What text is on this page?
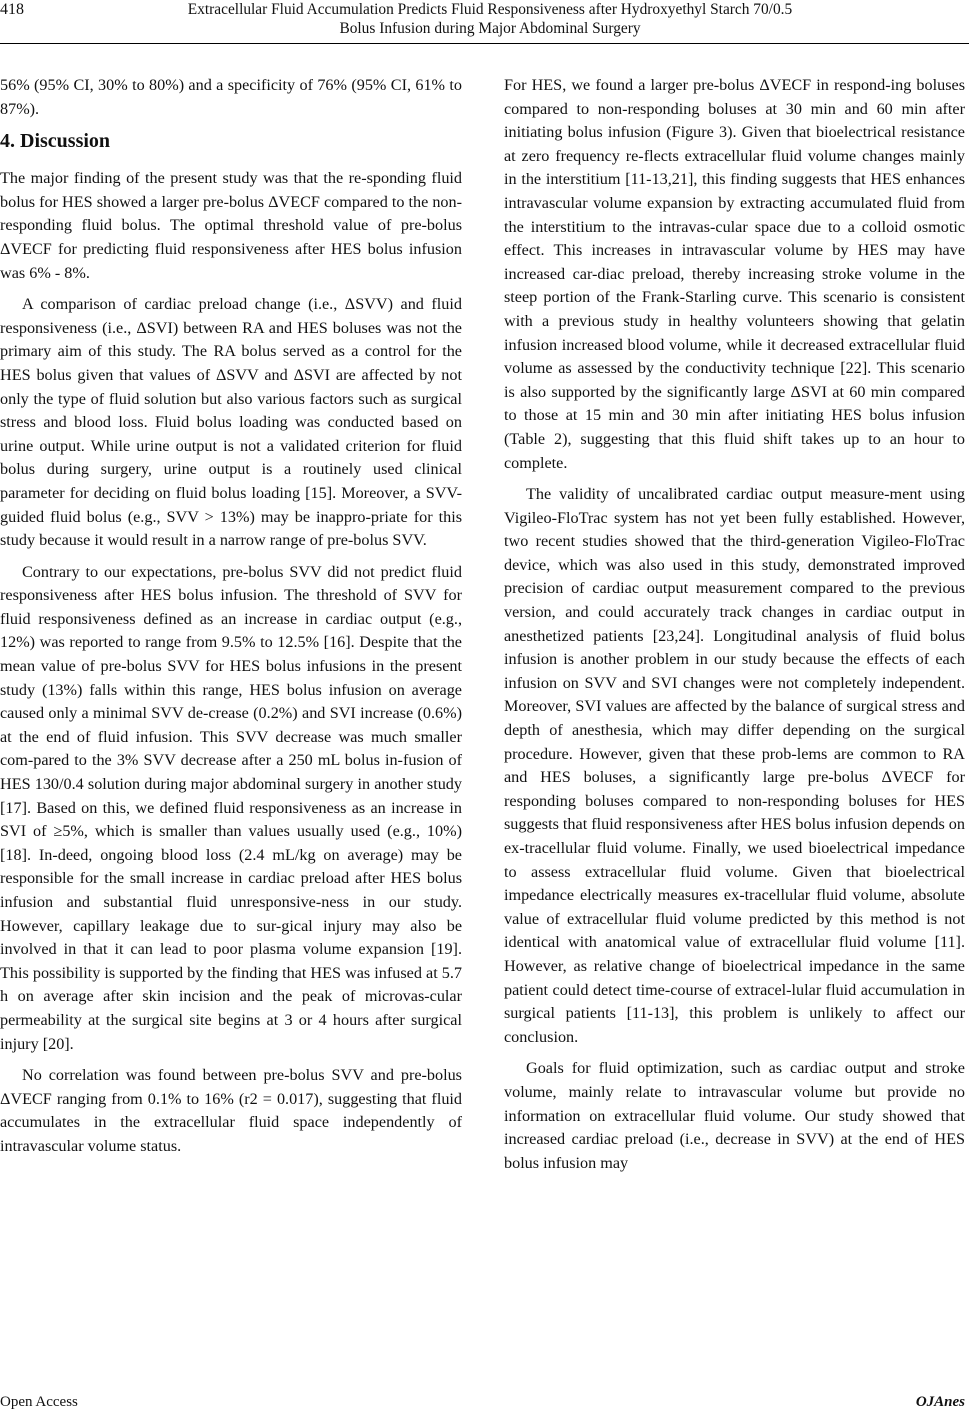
418	Extracellular Fluid Accumulation Predicts Fluid Responsiveness after Hydroxyethyl Starch 70/0.5
Bolus Infusion during Major Abdominal Surgery

56% (95% CI, 30% to 80%) and a specificity of 76% (95% CI, 61% to 87%).

4. Discussion

The major finding of the present study was that the re-sponding fluid bolus for HES showed a larger pre-bolus ΔVECF compared to the non-responding fluid bolus. The optimal threshold value of pre-bolus ΔVECF for predicting fluid responsiveness after HES bolus infusion was 6% - 8%.

A comparison of cardiac preload change (i.e., ΔSVV) and fluid responsiveness (i.e., ΔSVI) between RA and HES boluses was not the primary aim of this study. The RA bolus served as a control for the HES bolus given that values of ΔSVV and ΔSVI are affected by not only the type of fluid solution but also various factors such as surgical stress and blood loss. Fluid bolus loading was conducted based on urine output. While urine output is not a validated criterion for fluid bolus during surgery, urine output is a routinely used clinical parameter for deciding on fluid bolus loading [15]. Moreover, a SVV-guided fluid bolus (e.g., SVV > 13%) may be inappro-priate for this study because it would result in a narrow range of pre-bolus SVV.

Contrary to our expectations, pre-bolus SVV did not predict fluid responsiveness after HES bolus infusion. The threshold of SVV for fluid responsiveness defined as an increase in cardiac output (e.g., 12%) was reported to range from 9.5% to 12.5% [16]. Despite that the mean value of pre-bolus SVV for HES bolus infusions in the present study (13%) falls within this range, HES bolus infusion on average caused only a minimal SVV de-crease (0.2%) and SVI increase (0.6%) at the end of fluid infusion. This SVV decrease was much smaller com-pared to the 3% SVV decrease after a 250 mL bolus in-fusion of HES 130/0.4 solution during major abdominal surgery in another study [17]. Based on this, we defined fluid responsiveness as an increase in SVI of ≥5%, which is smaller than values usually used (e.g., 10%) [18]. In-deed, ongoing blood loss (2.4 mL/kg on average) may be responsible for the small increase in cardiac preload after HES bolus infusion and substantial fluid unresponsive-ness in our study. However, capillary leakage due to sur-gical injury may also be involved in that it can lead to poor plasma volume expansion [19]. This possibility is supported by the finding that HES was infused at 5.7 h on average after skin incision and the peak of microvas-cular permeability at the surgical site begins at 3 or 4 hours after surgical injury [20].

No correlation was found between pre-bolus SVV and pre-bolus ΔVECF ranging from 0.1% to 16% (r2 = 0.017), suggesting that fluid accumulates in the extracellular fluid space independently of intravascular volume status.

For HES, we found a larger pre-bolus ΔVECF in respond-ing boluses compared to non-responding boluses at 30 min and 60 min after initiating bolus infusion (Figure 3). Given that bioelectrical resistance at zero frequency re-flects extracellular fluid volume changes mainly in the interstitium [11-13,21], this finding suggests that HES enhances intravascular volume expansion by extracting accumulated fluid from the interstitium to the intravas-cular space due to a colloid osmotic effect. This increases in intravascular volume by HES may have increased car-diac preload, thereby increasing stroke volume in the steep portion of the Frank-Starling curve. This scenario is consistent with a previous study in healthy volunteers showing that gelatin infusion increased blood volume, while it decreased extracellular fluid volume as assessed by the conductivity technique [22]. This scenario is also supported by the significantly large ΔSVI at 60 min compared to those at 15 min and 30 min after initiating HES bolus infusion (Table 2), suggesting that this fluid shift takes up to an hour to complete.

The validity of uncalibrated cardiac output measure-ment using Vigileo-FloTrac system has not yet been fully established. However, two recent studies showed that the third-generation Vigileo-FloTrac device, which was also used in this study, demonstrated improved precision of cardiac output measurement compared to the previous version, and could accurately track changes in cardiac output in anesthetized patients [23,24]. Longitudinal analysis of fluid bolus infusion is another problem in our study because the effects of each infusion on SVV and SVI changes were not completely independent. Moreover, SVI values are affected by the balance of surgical stress and depth of anesthesia, which may differ depending on the surgical procedure. However, given that these prob-lems are common to RA and HES boluses, a significantly large pre-bolus ΔVECF for responding boluses compared to non-responding boluses for HES suggests that fluid responsiveness after HES bolus infusion depends on ex-tracellular fluid volume. Finally, we used bioelectrical impedance to assess extracellular fluid volume. Given that bioelectrical impedance electrically measures ex-tracellular fluid volume, absolute value of extracellular fluid volume predicted by this method is not identical with anatomical value of extracellular fluid volume [11]. However, as relative change of bioelectrical impedance in the same patient could detect time-course of extracel-lular fluid accumulation in surgical patients [11-13], this problem is unlikely to affect our conclusion.

Goals for fluid optimization, such as cardiac output and stroke volume, mainly relate to intravascular volume but provide no information on extracellular fluid volume. Our study showed that increased cardiac preload (i.e., decrease in SVV) at the end of HES bolus infusion may

Open Access	OJAnes
